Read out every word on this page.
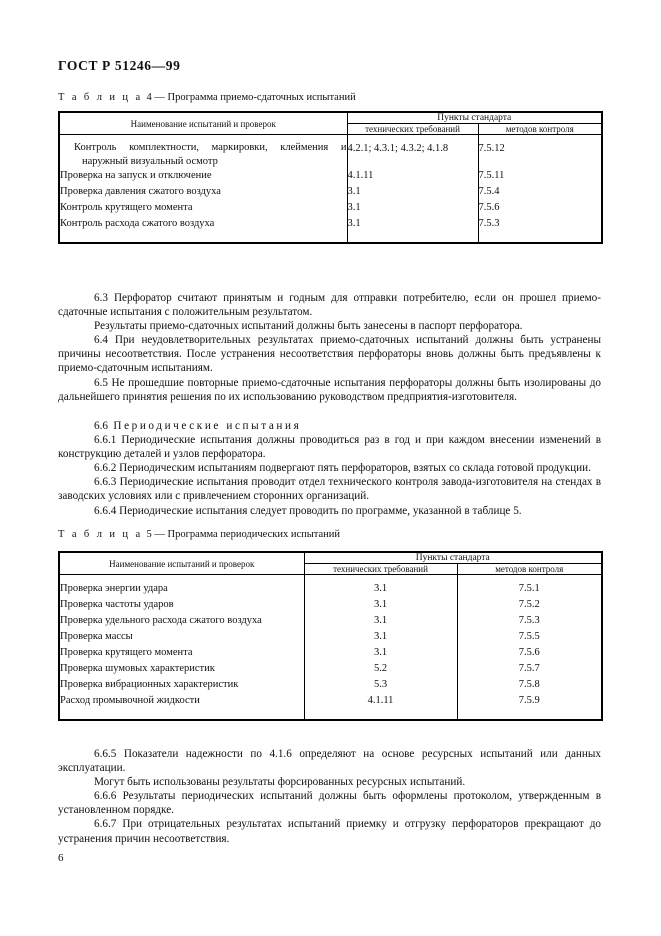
ГОСТ Р 51246—99
Т а б л и ц а 4 — Программа приемо-сдаточных испытаний
Наименование испытаний и проверок	Пункты стандарта	
	технических требований	методов контроля

Контроль комплектности, маркировки, клеймения и наружный визуальный осмотр	4.2.1; 4.3.1; 4.3.2; 4.1.8	7.5.12
Проверка на запуск и отключение	4.1.11	7.5.11
Проверка давления сжатого воздуха	3.1	7.5.4
Контроль крутящего момента	3.1	7.5.6
Контроль расхода сжатого воздуха	3.1	7.5.3

6.3 Перфоратор считают принятым и годным для отправки потребителю, если он прошел приемо-сдаточные испытания с положительным результатом.

Результаты приемо-сдаточных испытаний должны быть занесены в паспорт перфоратора.

6.4 При неудовлетворительных результатах приемо-сдаточных испытаний должны быть устранены причины несоответствия. После устранения несоответствия перфораторы вновь должны быть предъявлены к приемо-сдаточным испытаниям.

6.5 Не прошедшие повторные приемо-сдаточные испытания перфораторы должны быть изолированы до дальнейшего принятия решения по их использованию руководством предприятия-изготовителя.

6.6 Периодические испытания

6.6.1 Периодические испытания должны проводиться раз в год и при каждом внесении изменений в конструкцию деталей и узлов перфоратора.

6.6.2 Периодическим испытаниям подвергают пять перфораторов, взятых со склада готовой продукции.

6.6.3 Периодические испытания проводит отдел технического контроля завода-изготовителя на стендах в заводских условиях или с привлечением сторонних организаций.

6.6.4 Периодические испытания следует проводить по программе, указанной в таблице 5.

Т а б л и ц а 5 — Программа периодических испытаний
Наименование испытаний и проверок	Пункты стандарта	
	технических требований	методов контроля

Проверка энергии удара	3.1	7.5.1
Проверка частоты ударов	3.1	7.5.2
Проверка удельного расхода сжатого воздуха	3.1	7.5.3
Проверка массы	3.1	7.5.5
Проверка крутящего момента	3.1	7.5.6
Проверка шумовых характеристик	5.2	7.5.7
Проверка вибрационных характеристик	5.3	7.5.8
Расход промывочной жидкости	4.1.11	7.5.9

6.6.5 Показатели надежности по 4.1.6 определяют на основе ресурсных испытаний или данных эксплуатации.

Могут быть использованы результаты форсированных ресурсных испытаний.

6.6.6 Результаты периодических испытаний должны быть оформлены протоколом, утвержденным в установленном порядке.

6.6.7 При отрицательных результатах испытаний приемку и отгрузку перфораторов прекращают до устранения причин несоответствия.

6
